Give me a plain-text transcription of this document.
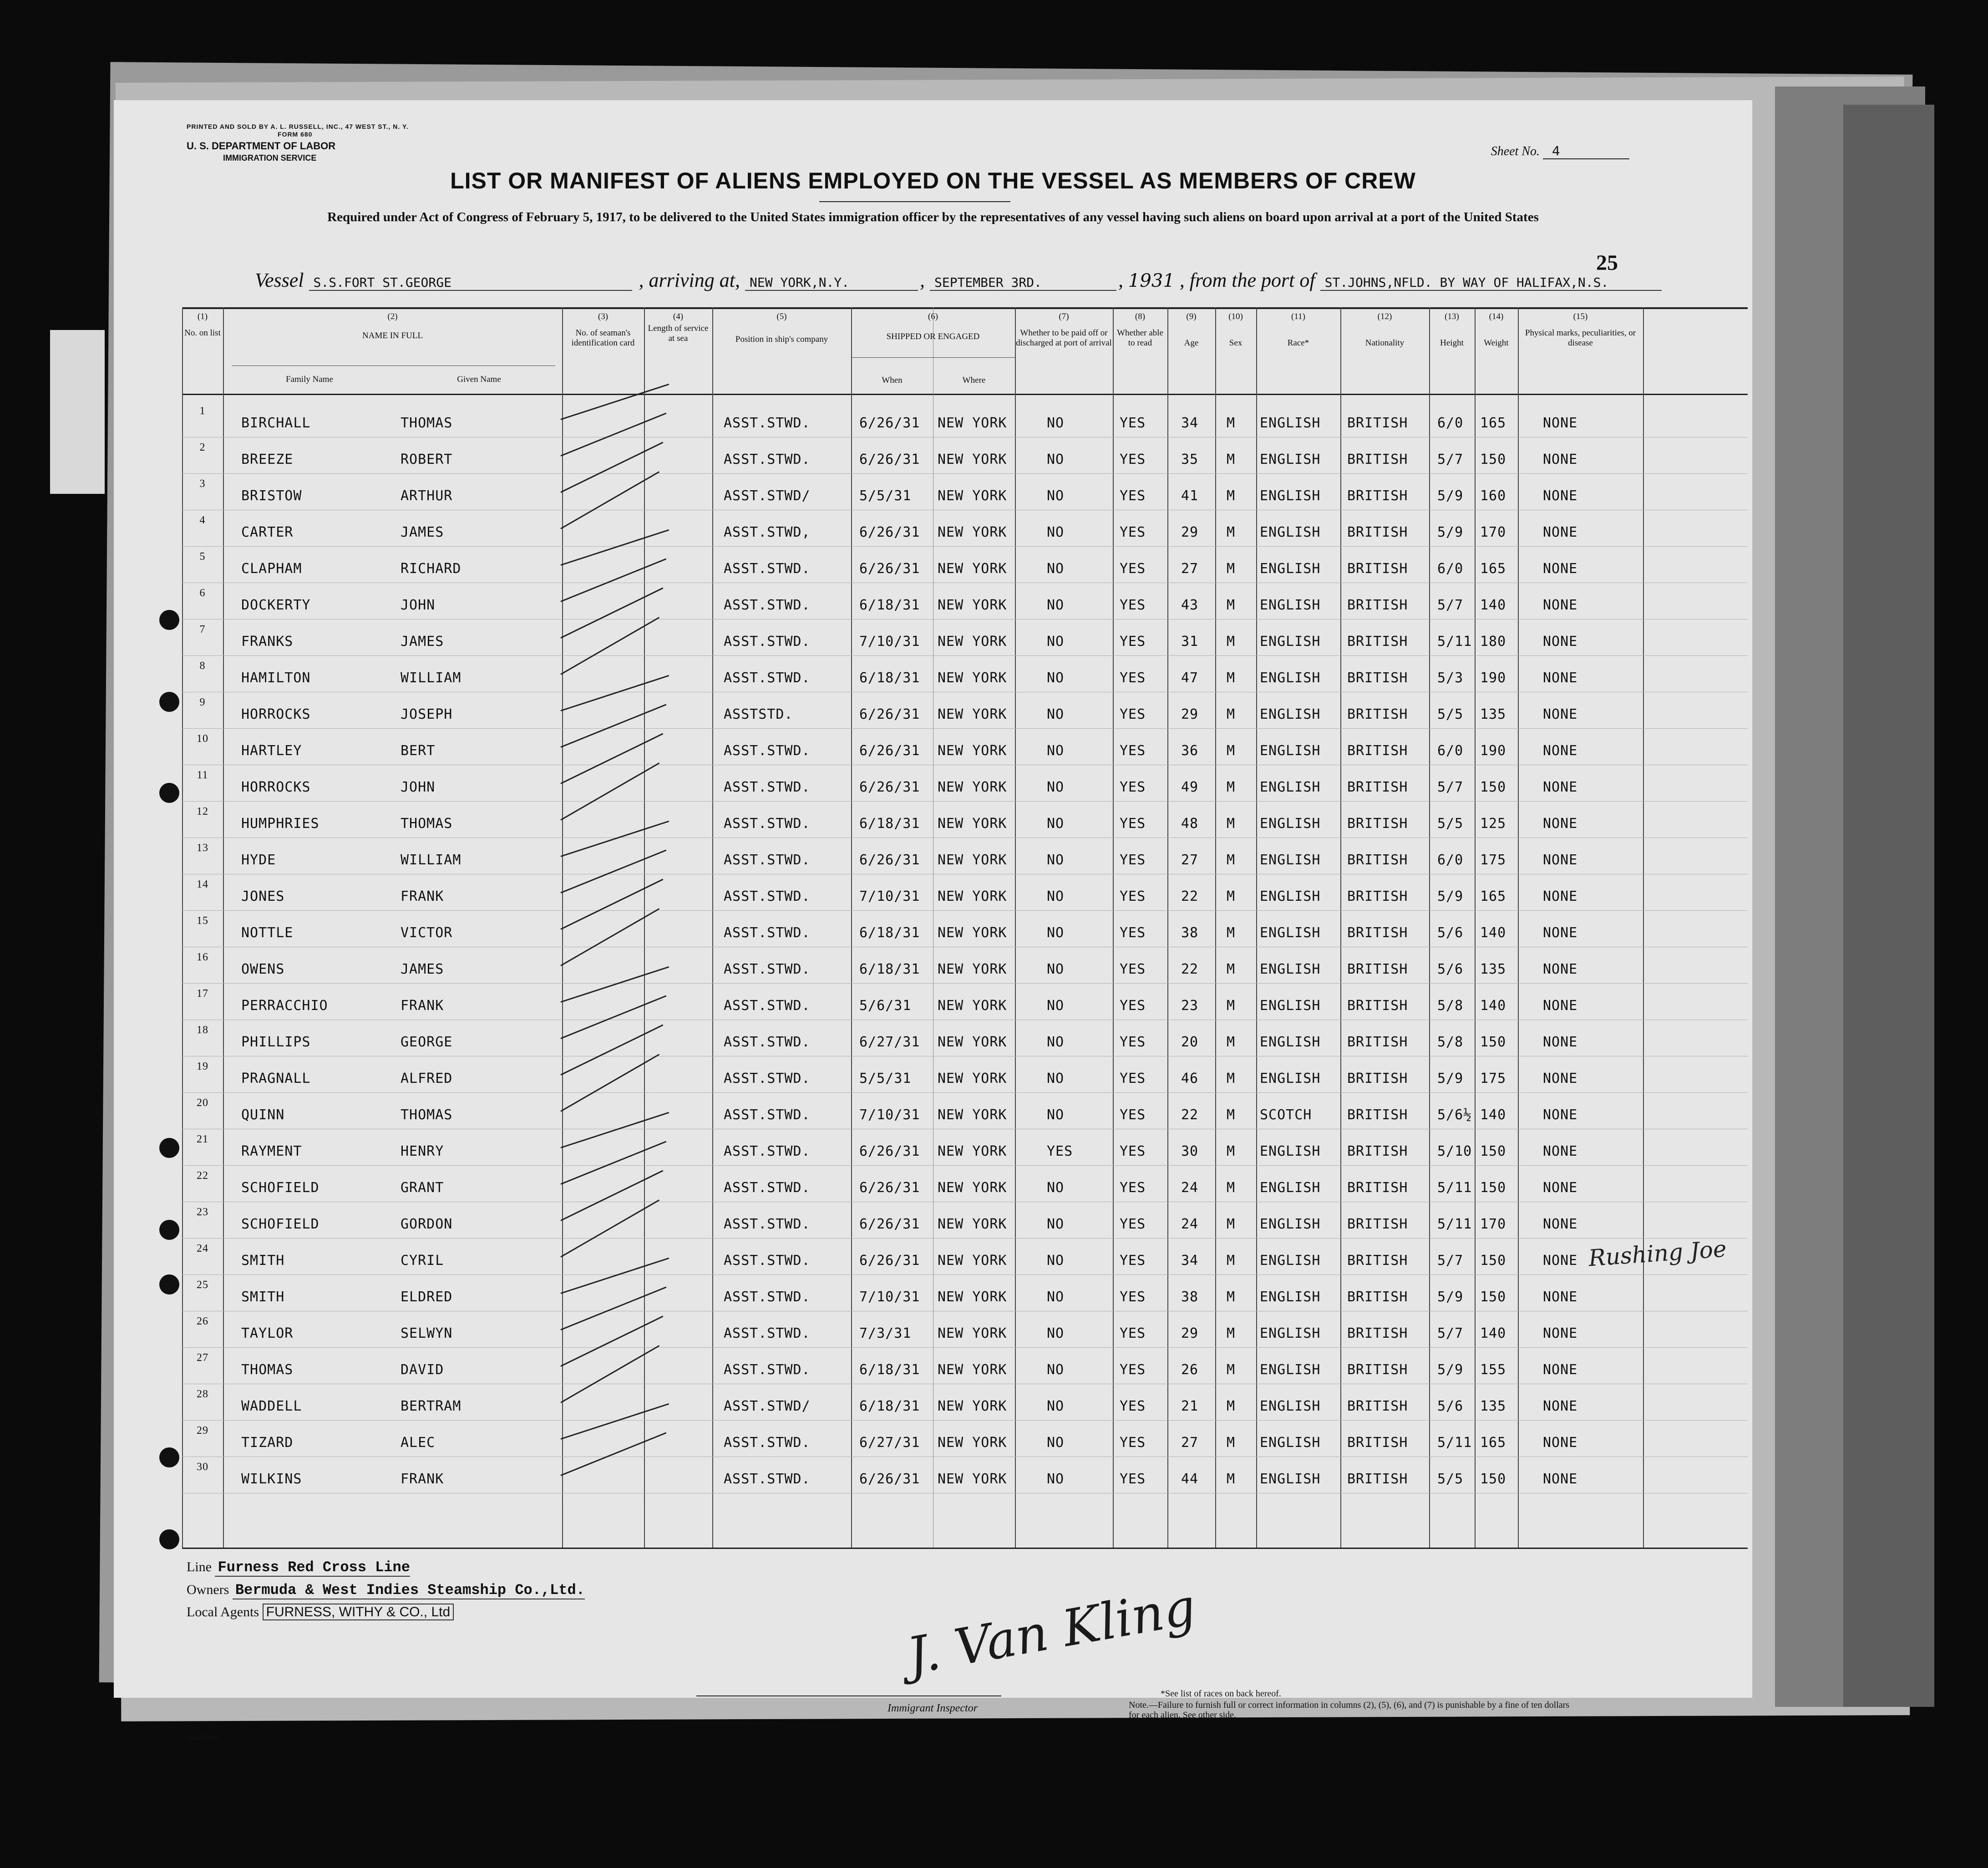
PRINTED AND SOLD BY A. L. RUSSELL, INC., 47 WEST ST., N. Y.
FORM 680
U. S. DEPARTMENT OF LABOR
IMMIGRATION SERVICE	Sheet No. 4
LIST OR MANIFEST OF ALIENS EMPLOYED ON THE VESSEL AS MEMBERS OF CREW
Required under Act of Congress of February 5, 1917, to be delivered to the United States immigration officer by the representatives of any vessel having such aliens on board upon arrival at a port of the United States
25
Vessel S.S.FORT ST.GEORGE	, arriving at, NEW YORK,N.Y.	, SEPTEMBER 3RD.	, 1931 , from the port of ST.JOHNS,NFLD. BY WAY OF HALIFAX,N.S.
(1)
No. on list
(2)
NAME IN FULL
Family Name	Given Name
(3)
No. of seaman's identification card
(4)
Length of service at sea
(5)
Position in ship's company
(6)
SHIPPED OR ENGAGED
When	Where
(7)
Whether to be paid off or discharged at port of arrival
(8)
Whether able to read
(9)
Age
(10)
Sex
(11)
Race*
(12)
Nationality
(13)
Height
(14)
Weight
(15)
Physical marks, peculiarities, or disease
1
BIRCHALL	THOMAS	ASST.STWD.	6/26/31 NEW YORK	NO	YES	34 M ENGLISH BRITISH 6/0 165	NONE
2
BREEZE	ROBERT	ASST.STWD.	6/26/31 NEW YORK	NO	YES	35 M ENGLISH BRITISH 5/7 150	NONE
3
BRISTOW	ARTHUR	ASST.STWD/	5/5/31 NEW YORK	NO	YES	41 M ENGLISH BRITISH 5/9 160	NONE
4
CARTER	JAMES	ASST.STWD,	6/26/31 NEW YORK	NO	YES	29 M ENGLISH BRITISH 5/9 170	NONE
5
CLAPHAM	RICHARD	ASST.STWD.	6/26/31 NEW YORK	NO	YES	27 M ENGLISH BRITISH 6/0 165	NONE
6
DOCKERTY	JOHN	ASST.STWD.	6/18/31 NEW YORK	NO	YES	43 M ENGLISH BRITISH 5/7 140	NONE
7
FRANKS	JAMES	ASST.STWD.	7/10/31 NEW YORK	NO	YES	31 M ENGLISH BRITISH 5/11 180	NONE
8
HAMILTON	WILLIAM	ASST.STWD.	6/18/31 NEW YORK	NO	YES	47 M ENGLISH BRITISH 5/3 190	NONE
9
HORROCKS	JOSEPH	ASSTSTD.	6/26/31 NEW YORK	NO	YES	29 M ENGLISH BRITISH 5/5 135	NONE
10
HARTLEY	BERT	ASST.STWD.	6/26/31 NEW YORK	NO	YES	36 M ENGLISH BRITISH 6/0 190	NONE
11
HORROCKS	JOHN	ASST.STWD.	6/26/31 NEW YORK	NO	YES	49 M ENGLISH BRITISH 5/7 150	NONE
12
HUMPHRIES	THOMAS	ASST.STWD.	6/18/31 NEW YORK	NO	YES	48 M ENGLISH BRITISH 5/5 125	NONE
13
HYDE	WILLIAM	ASST.STWD.	6/26/31 NEW YORK	NO	YES	27 M ENGLISH BRITISH 6/0 175	NONE
14
JONES	FRANK	ASST.STWD.	7/10/31 NEW YORK	NO	YES	22 M ENGLISH BRITISH 5/9 165	NONE
15
NOTTLE	VICTOR	ASST.STWD.	6/18/31 NEW YORK	NO	YES	38 M ENGLISH BRITISH 5/6 140	NONE
16
OWENS	JAMES	ASST.STWD.	6/18/31 NEW YORK	NO	YES	22 M ENGLISH BRITISH 5/6 135	NONE
17
PERRACCHIO	FRANK	ASST.STWD.	5/6/31 NEW YORK	NO	YES	23 M ENGLISH BRITISH 5/8 140	NONE
18
PHILLIPS	GEORGE	ASST.STWD.	6/27/31 NEW YORK	NO	YES	20 M ENGLISH BRITISH 5/8 150	NONE
19
PRAGNALL	ALFRED	ASST.STWD.	5/5/31 NEW YORK	NO	YES	46 M ENGLISH BRITISH 5/9 175	NONE
20
QUINN	THOMAS	ASST.STWD.	7/10/31 NEW YORK	NO	YES	22 M SCOTCH	BRITISH 5/6½ 140	NONE
21
RAYMENT	HENRY	ASST.STWD.	6/26/31 NEW YORK	YES	YES	30 M ENGLISH BRITISH 5/10 150	NONE
22
SCHOFIELD	GRANT	ASST.STWD.	6/26/31 NEW YORK	NO	YES	24 M ENGLISH BRITISH 5/11 150	NONE
23
SCHOFIELD	GORDON	ASST.STWD.	6/26/31 NEW YORK	NO	YES	24 M ENGLISH BRITISH 5/11 170	NONE
24
SMITH	CYRIL	ASST.STWD.	6/26/31 NEW YORK	NO	YES	34 M ENGLISH BRITISH 5/7 150	NONE
25
SMITH	ELDRED	ASST.STWD.	7/10/31 NEW YORK	NO	YES	38 M ENGLISH BRITISH 5/9 150	NONE
26
TAYLOR	SELWYN	ASST.STWD.	7/3/31 NEW YORK	NO	YES	29 M ENGLISH BRITISH 5/7 140	NONE
27
THOMAS	DAVID	ASST.STWD.	6/18/31 NEW YORK	NO	YES	26 M ENGLISH BRITISH 5/9 155	NONE
28
WADDELL	BERTRAM	ASST.STWD/	6/18/31 NEW YORK	NO	YES	21 M ENGLISH BRITISH 5/6 135	NONE
29
TIZARD	ALEC	ASST.STWD.	6/27/31 NEW YORK	NO	YES	27 M ENGLISH BRITISH 5/11 165	NONE
30
WILKINS	FRANK	ASST.STWD.	6/26/31 NEW YORK	NO	YES	44 M ENGLISH BRITISH 5/5 150	NONE
Rushing Joe
Line Furness Red Cross Line
Owners Bermuda & West Indies Steamship Co.,Ltd.
Local Agents FURNESS, WITHY & CO., Ltd
14—1840
J. Van Kling
Immigrant Inspector
*See list of races on back hereof.
Note.—Failure to furnish full or correct information in columns (2), (5), (6), and (7) is punishable by a fine of ten dollars for each alien. See other side.
